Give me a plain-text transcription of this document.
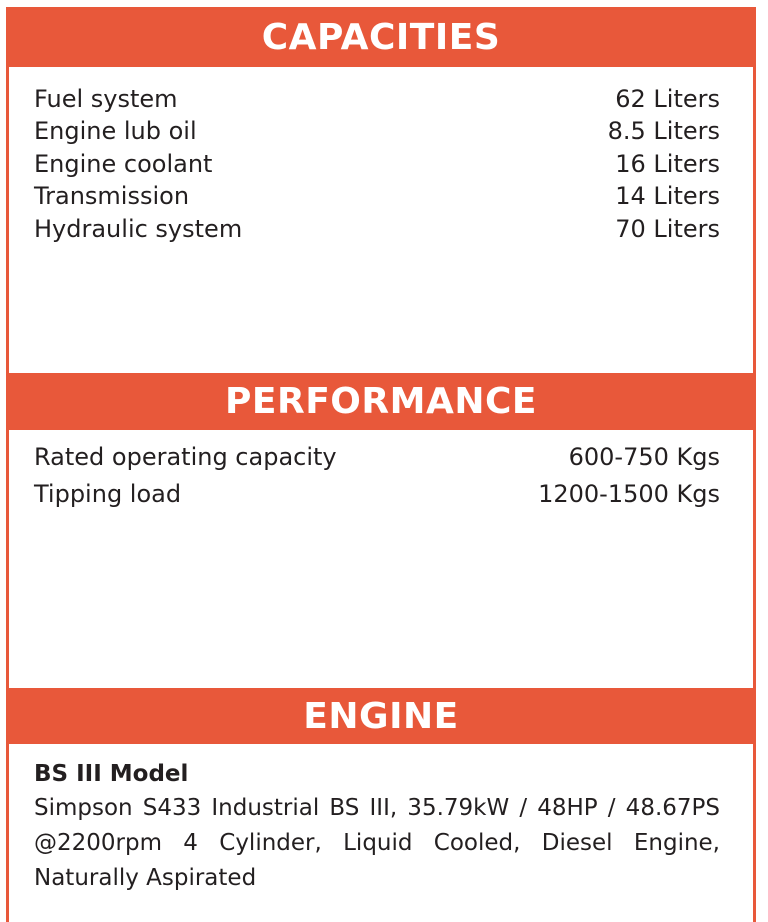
CAPACITIES
Fuel system	62 Liters
Engine lub oil	8.5 Liters
Engine coolant	16 Liters
Transmission	14 Liters
Hydraulic system	70 Liters
PERFORMANCE
Rated operating capacity	600-750 Kgs
Tipping load	1200-1500 Kgs
ENGINE
BS III Model
Simpson S433 Industrial BS III, 35.79kW / 48HP / 48.67PS @2200rpm 4 Cylinder, Liquid Cooled, Diesel Engine, Naturally Aspirated
